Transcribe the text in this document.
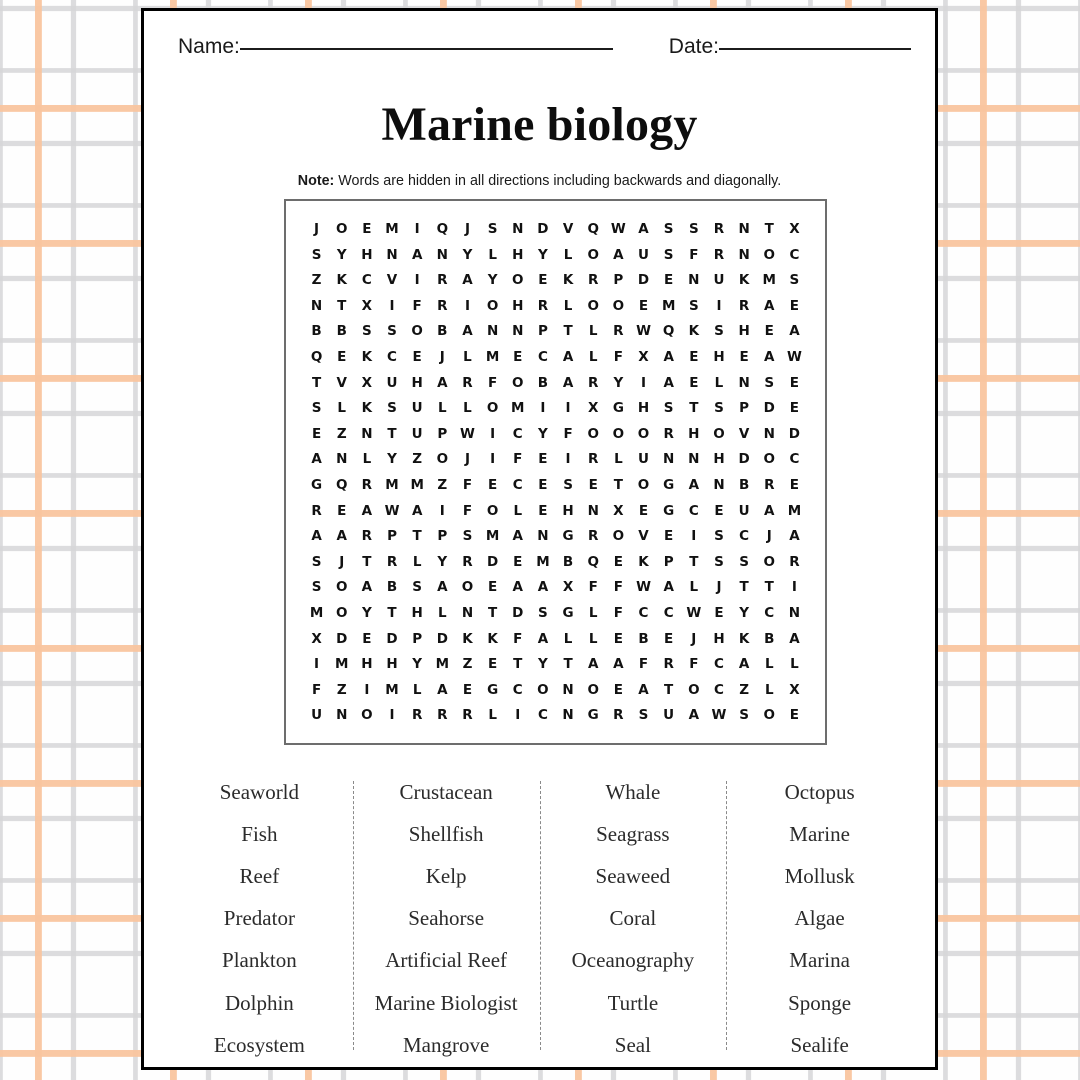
Name:	Date:
Marine biology
Note: Words are hidden in all directions including backwards and diagonally.
J O E M I Q J S N D V Q W A S S R N T X
S Y H N A N Y L H Y L O A U S F R N O C
Z K C V I R A Y O E K R P D E N U K M S
N T X I F R I O H R L O O E M S I R A E
B B S S O B A N N P T L R W Q K S H E A
Q E K C E J L M E C A L F X A E H E A W
T V X U H A R F O B A R Y I A E L N S E
S L K S U L L O M I I X G H S T S P D E
E Z N T U P W I C Y F O O O R H O V N D
A N L Y Z O J I F E I R L U N N H D O C
G Q R M M Z F E C E S E T O G A N B R E
R E A W A I F O L E H N X E G C E U A M
A A R P T P S M A N G R O V E I S C J A
S J T R L Y R D E M B Q E K P T S S O R
S O A B S A O E A A X F F W A L J T T I
M O Y T H L N T D S G L F C C W E Y C N
X D E D P D K K F A L L E B E J H K B A
I M H H Y M Z E T Y T A A F R F C A L L
F Z I M L A E G C O N O E A T O C Z L X
U N O I R R R L I C N G R S U A W S O E
Seaworld
Fish
Reef
Predator
Plankton
Dolphin
Ecosystem
Crustacean
Shellfish
Kelp
Seahorse
Artificial Reef
Marine Biologist
Mangrove
Whale
Seagrass
Seaweed
Coral
Oceanography
Turtle
Seal
Octopus
Marine
Mollusk
Algae
Marina
Sponge
Sealife
